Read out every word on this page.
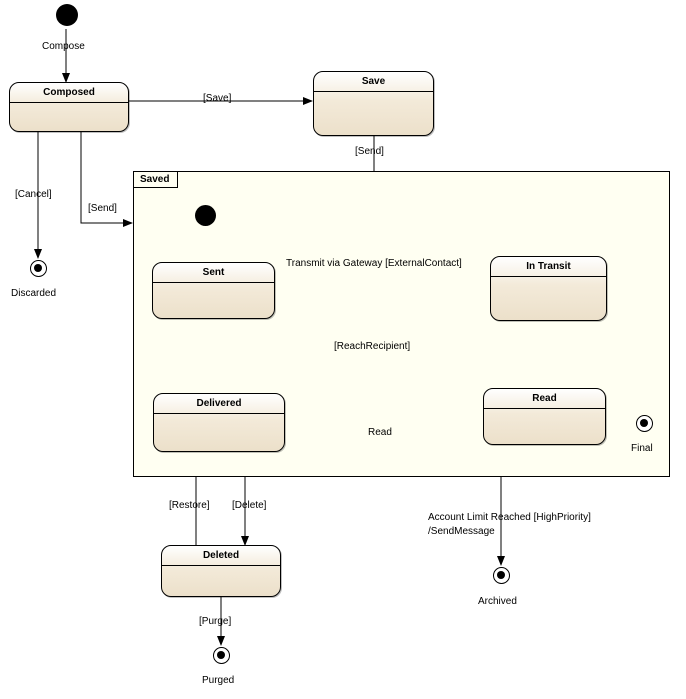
Compose
Composed
Save
[Save]
[Send]
[Cancel]
[Send]
Discarded
Saved
Sent
In Transit
Transmit via Gateway [ExternalContact]
[ReachRecipient]
Delivered	Read
Read
Final
[Restore] [Delete]
Deleted
[Purge]
Purged
Account Limit Reached [HighPriority]
/SendMessage
Archived
